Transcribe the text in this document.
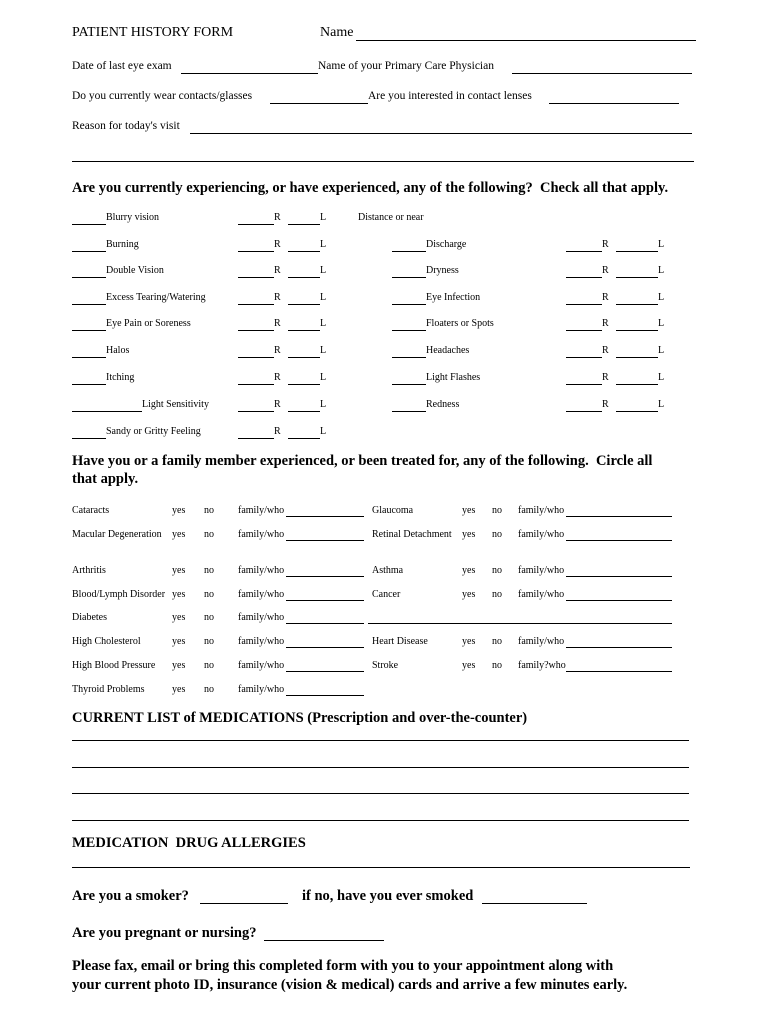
PATIENT HISTORY FORM	Name
Date of last eye exam	Name of your Primary Care Physician
Do you currently wear contacts/glasses	Are you interested in contact lenses
Reason for today's visit
Are you currently experiencing, or have experienced, any of the following?  Check all that apply.
Blurry vision	R	L
Burning	R	L
Double Vision	R	L
Excess Tearing/Watering	R	L
Eye Pain or Soreness	R	L
Halos	R	L
Itching	R	L
Light Sensitivity	R	L
Sandy or Gritty Feeling	R	L
Discharge	R	L
Dryness	R	L
Eye Infection	R	L
Floaters or Spots	R	L
Headaches	R	L
Light Flashes	R	L
Redness	R	L
Distance or near
Have you or a family member experienced, or been treated for, any of the following.  Circle all
that apply.
Cataracts	yes no family/who
Macular Degeneration yes no family/who
Arthritis	yes no family/who
Blood/Lymph Disorder yes no family/who
Diabetes	yes no family/who
High Cholesterol	yes no family/who
High Blood Pressure yes no family/who
Thyroid Problems	yes no family/who
Glaucoma	yes no family/who
Retinal Detachment yes no family/who
Asthma	yes no family/who
Cancer	yes no family/who
Heart Disease	yes no family/who
Stroke	yes no family?who
CURRENT LIST of MEDICATIONS (Prescription and over-the-counter)
MEDICATION  DRUG ALLERGIES
Are you a smoker?	if no, have you ever smoked
Are you pregnant or nursing?
Please fax, email or bring this completed form with you to your appointment along with
your current photo ID, insurance (vision & medical) cards and arrive a few minutes early.
